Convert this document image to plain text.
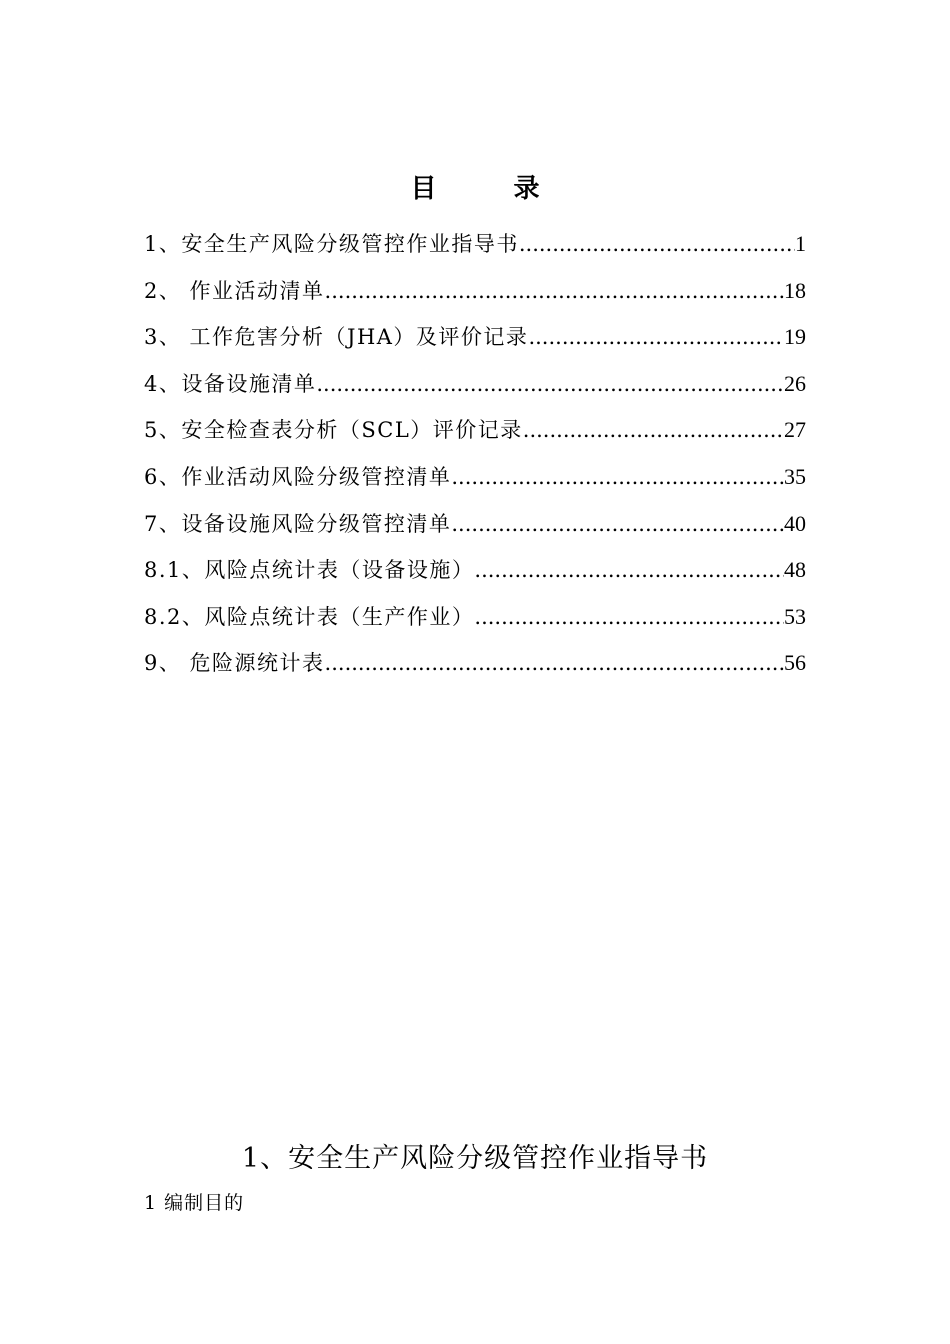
目 录
1、安全生产风险分级管控作业指导书 .....	1
2、 作业活动清单 .....	18
3、 工作危害分析（JHA）及评价记录 .....	19
4、设备设施清单 .....	26
5、安全检查表分析（SCL）评价记录 .....	27
6、作业活动风险分级管控清单 .....	35
7、设备设施风险分级管控清单 .....	40
8.1、风险点统计表（设备设施） .....	48
8.2、风险点统计表（生产作业） .....	53
9、 危险源统计表 .....	56
1、安全生产风险分级管控作业指导书
1 编制目的
